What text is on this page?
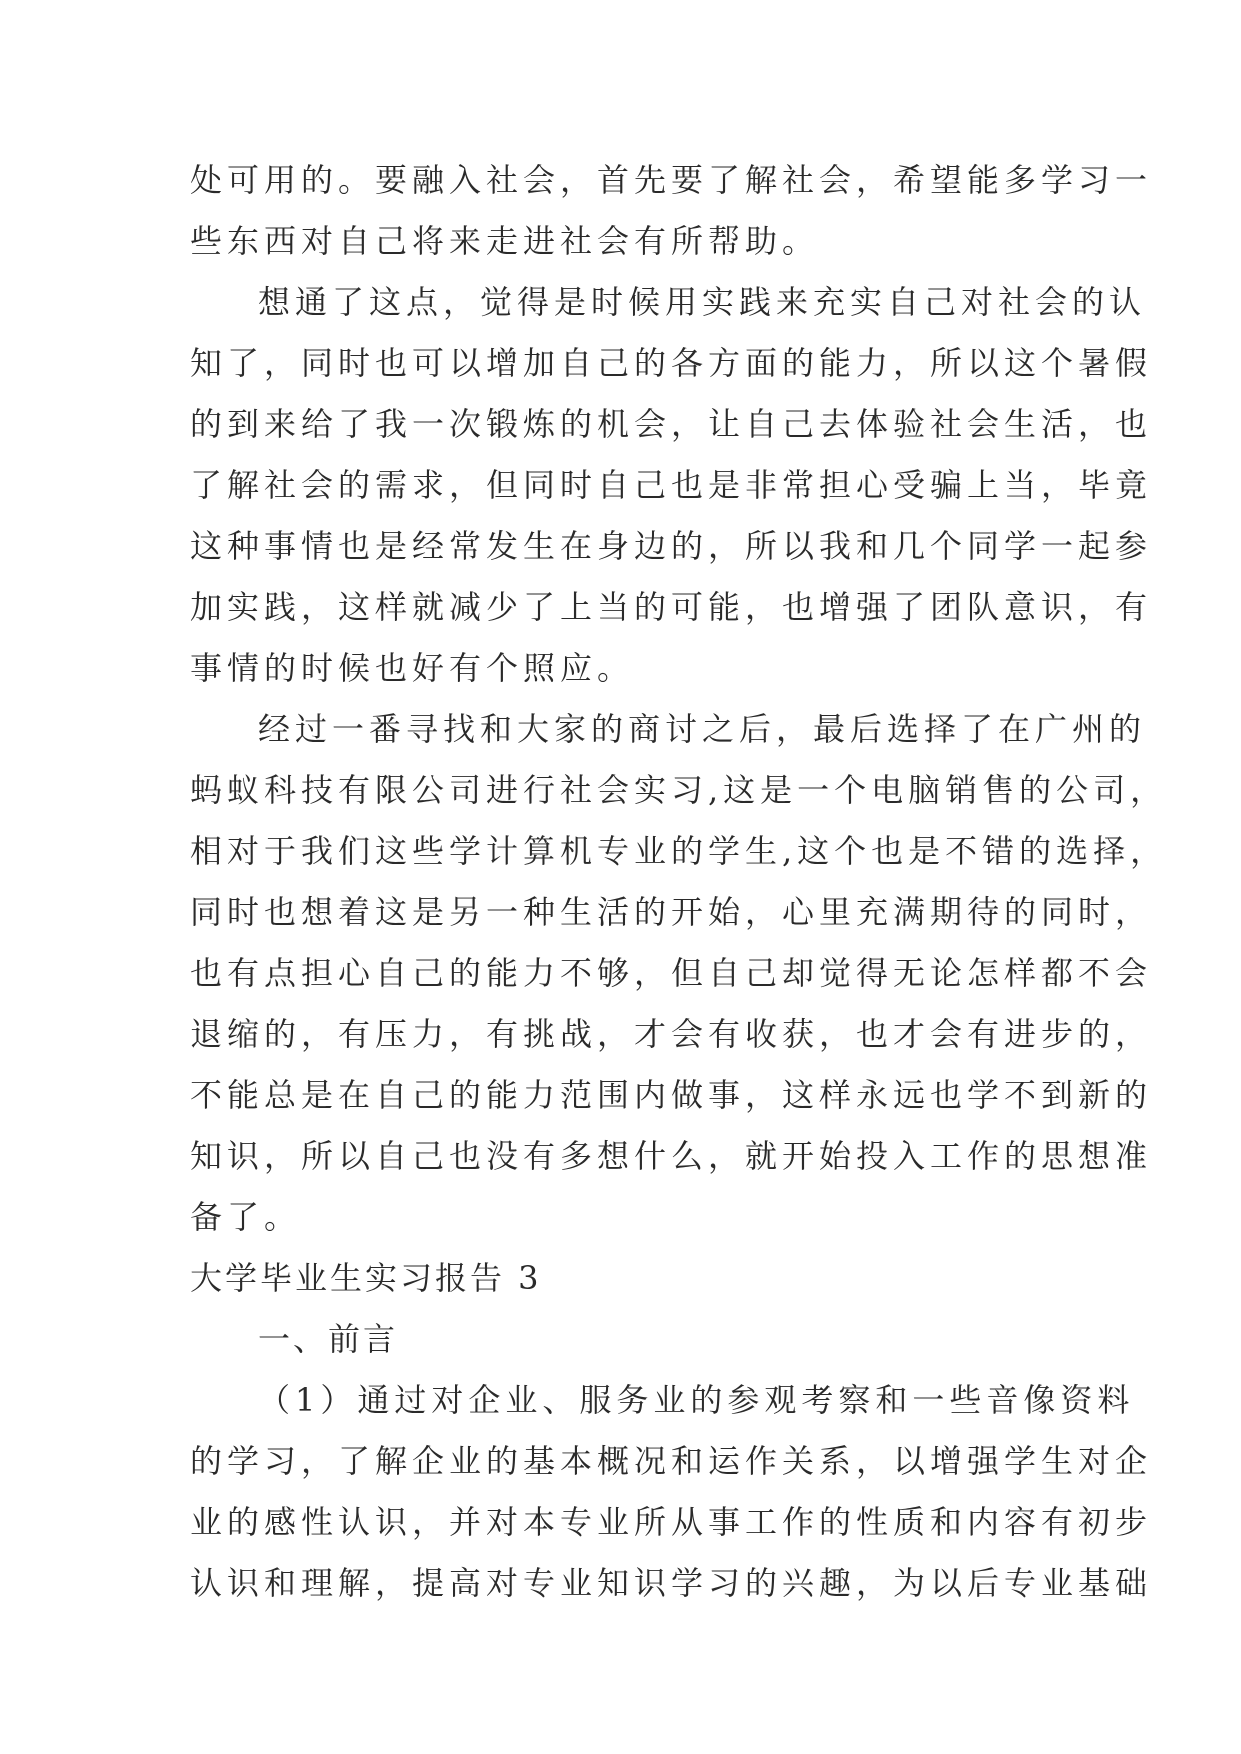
处可用的。要融入社会，首先要了解社会，希望能多学习一
些东西对自己将来走进社会有所帮助。
想通了这点，觉得是时候用实践来充实自己对社会的认
知了，同时也可以增加自己的各方面的能力，所以这个暑假
的到来给了我一次锻炼的机会，让自己去体验社会生活，也
了解社会的需求，但同时自己也是非常担心受骗上当，毕竟
这种事情也是经常发生在身边的，所以我和几个同学一起参
加实践，这样就减少了上当的可能，也增强了团队意识，有
事情的时候也好有个照应。
经过一番寻找和大家的商讨之后，最后选择了在广州的
蚂蚁科技有限公司进行社会实习,这是一个电脑销售的公司，
相对于我们这些学计算机专业的学生,这个也是不错的选择，
同时也想着这是另一种生活的开始，心里充满期待的同时，
也有点担心自己的能力不够，但自己却觉得无论怎样都不会
退缩的，有压力，有挑战，才会有收获，也才会有进步的，
不能总是在自己的能力范围内做事，这样永远也学不到新的
知识，所以自己也没有多想什么，就开始投入工作的思想准
备了。
大学毕业生实习报告 3
一、前言
（1）通过对企业、服务业的参观考察和一些音像资料
的学习，了解企业的基本概况和运作关系，以增强学生对企
业的感性认识，并对本专业所从事工作的性质和内容有初步
认识和理解，提高对专业知识学习的兴趣，为以后专业基础
